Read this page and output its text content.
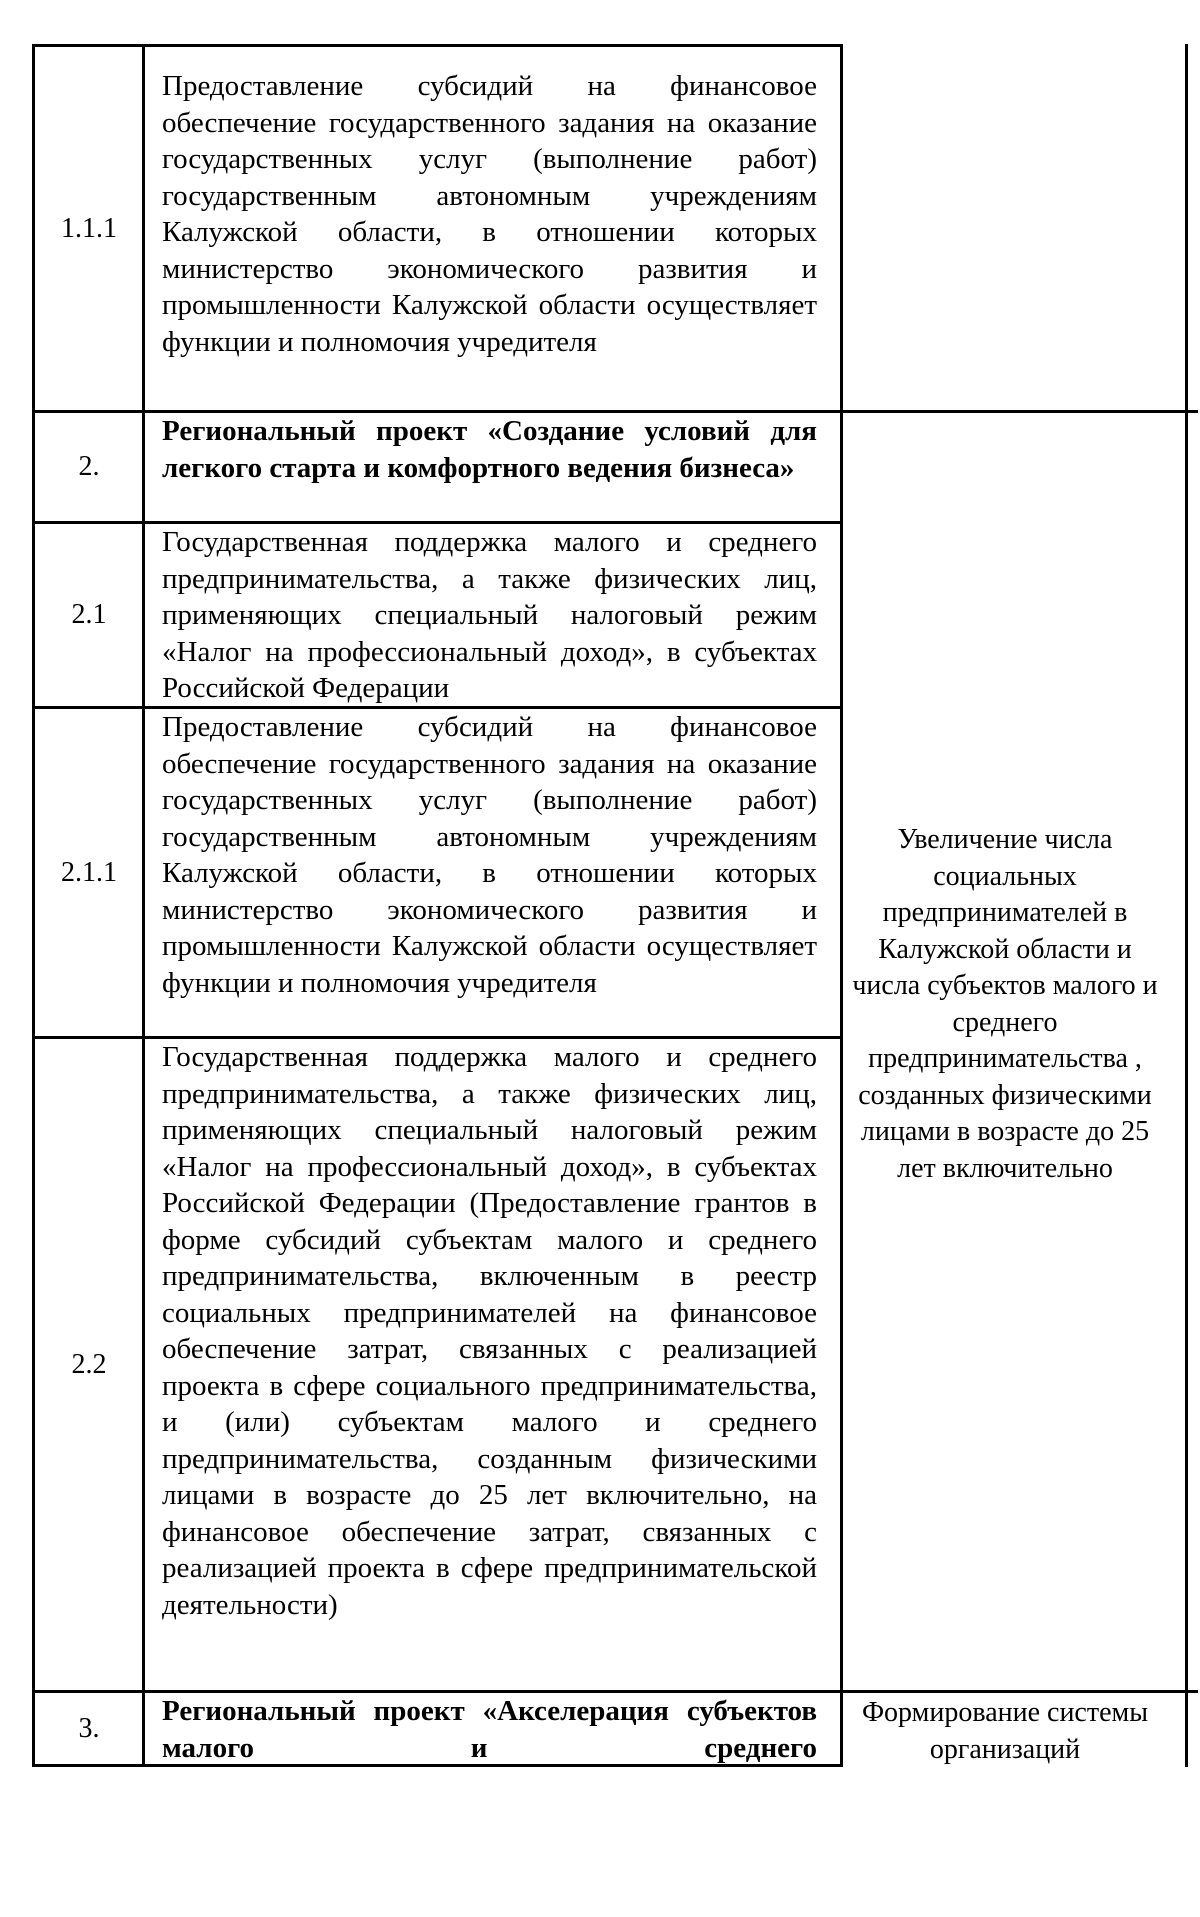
1.1.1
Предоставление субсидий на финансовое обеспечение государственного задания на оказание государственных услуг (выполнение работ) государственным автономным учреждениям Калужской области, в отношении которых министерство экономического развития и промышленности Калужской области осуществляет функции и полномочия учредителя
2.
Региональный проект «Создание условий для легкого старта и комфортного ведения бизнеса»
2.1
Государственная поддержка малого и среднего предпринимательства, а также физических лиц, применяющих специальный налоговый режим «Налог на профессиональный доход», в субъектах Российской Федерации
2.1.1
Предоставление субсидий на финансовое обеспечение государственного задания на оказание государственных услуг (выполнение работ) государственным автономным учреждениям Калужской области, в отношении которых министерство экономического развития и промышленности Калужской области осуществляет функции и полномочия учредителя
2.2
Государственная поддержка малого и среднего предпринимательства, а также физических лиц, применяющих специальный налоговый режим «Налог на профессиональный доход», в субъектах Российской Федерации (Предоставление грантов в форме субсидий субъектам малого и среднего предпринимательства, включенным в реестр социальных предпринимателей на финансовое обеспечение затрат, связанных с реализацией проекта в сфере социального предпринимательства, и (или) субъектам малого и среднего предпринимательства, созданным физическими лицами в возрасте до 25 лет включительно, на финансовое обеспечение затрат, связанных с реализацией проекта в сфере предпринимательской деятельности)
3.
Региональный проект «Акселерация субъектов малого и среднего
Увеличение числа социальных предпринимателей в Калужской области и числа субъектов малого и среднего предпринимательства , созданных физическими лицами в возрасте до 25 лет включительно
Формирование системы организаций
